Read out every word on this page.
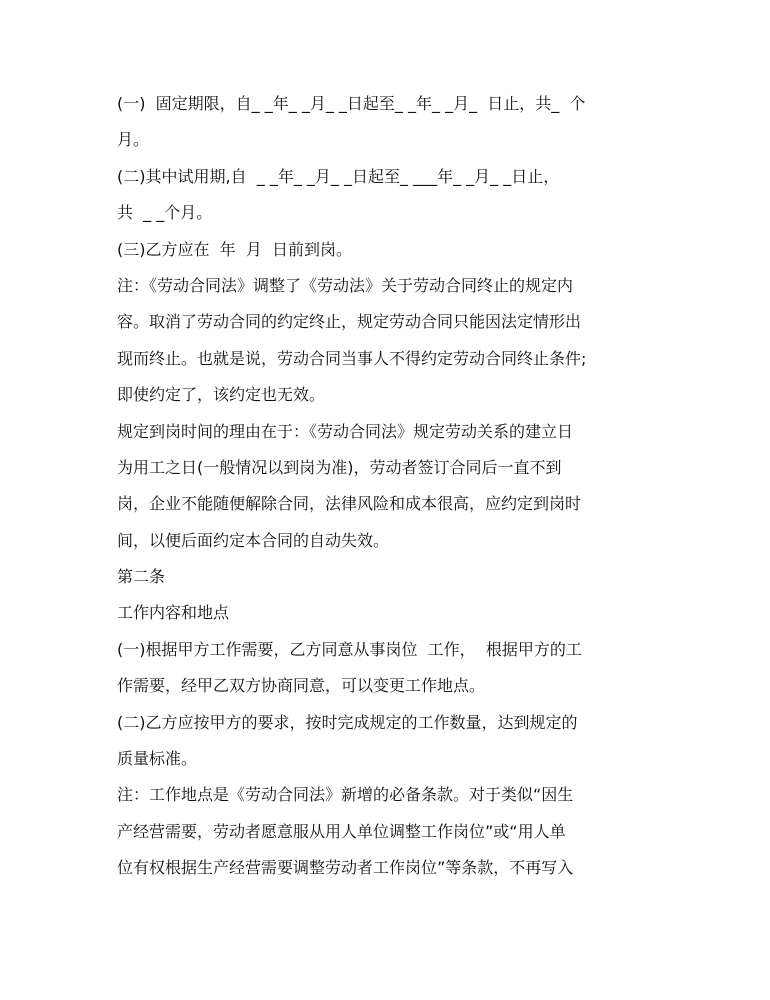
(一)  固定期限，自_ _年_ _月_ _日起至_ _年_ _月_  日止，共_  个
月。
(二)其中试用期,自  _ _年_ _月_ _日起至_ ___年_ _月_ _日止，
共  _ _个月。
(三)乙方应在  年  月  日前到岗。
注：《劳动合同法》调整了《劳动法》关于劳动合同终止的规定内
容。取消了劳动合同的约定终止，规定劳动合同只能因法定情形出
现而终止。也就是说，劳动合同当事人不得约定劳动合同终止条件;
即使约定了，该约定也无效。
规定到岗时间的理由在于：《劳动合同法》规定劳动关系的建立日
为用工之日(一般情况以到岗为准)，劳动者签订合同后一直不到
岗，企业不能随便解除合同，法律风险和成本很高，应约定到岗时
间，以便后面约定本合同的自动失效。
第二条
工作内容和地点
(一)根据甲方工作需要，乙方同意从事岗位  工作，  根据甲方的工
作需要，经甲乙双方协商同意，可以变更工作地点。
(二)乙方应按甲方的要求，按时完成规定的工作数量，达到规定的
质量标准。
注：工作地点是《劳动合同法》新增的必备条款。对于类似“因生
产经营需要，劳动者愿意服从用人单位调整工作岗位”或“用人单
位有权根据生产经营需要调整劳动者工作岗位”等条款，不再写入
